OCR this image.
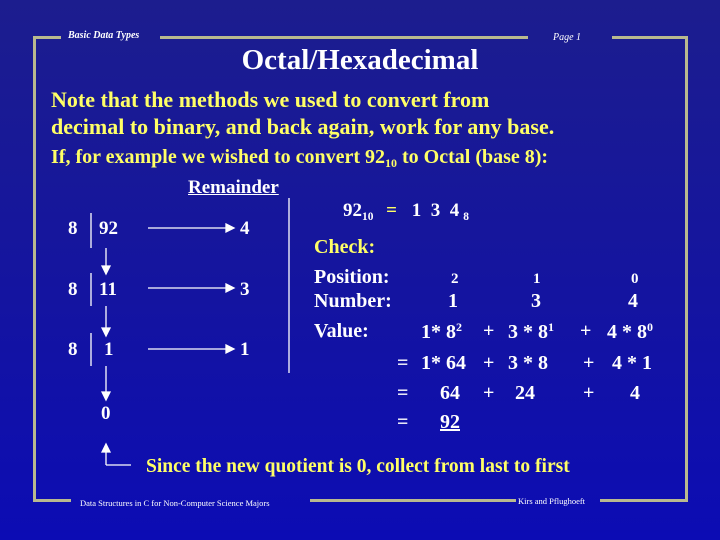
Basic Data Types	Page 1
Octal/Hexadecimal
Note that the methods we used to convert from
decimal to binary, and back again, work for any base.
If, for example we wished to convert $92_{10}$ to Octal (base 8):
Remainder
8 92	4
8 11	3
8 1	1
0
$92_{10} = 1$  3  4 $_8$
Check:
Position:	2	1	0
Number:	1	3	4
Value:	1* $8^2 + 3 * 8^1 + 4 * 8^0$
= 1* 64 + 3 * 8 + 4 * 1
= 64 + 24 + 4
= 92
Since the new quotient is 0, collect from last to first
Data Structures in C for Non-Computer Science Majors	Kirs and Pflughoeft
